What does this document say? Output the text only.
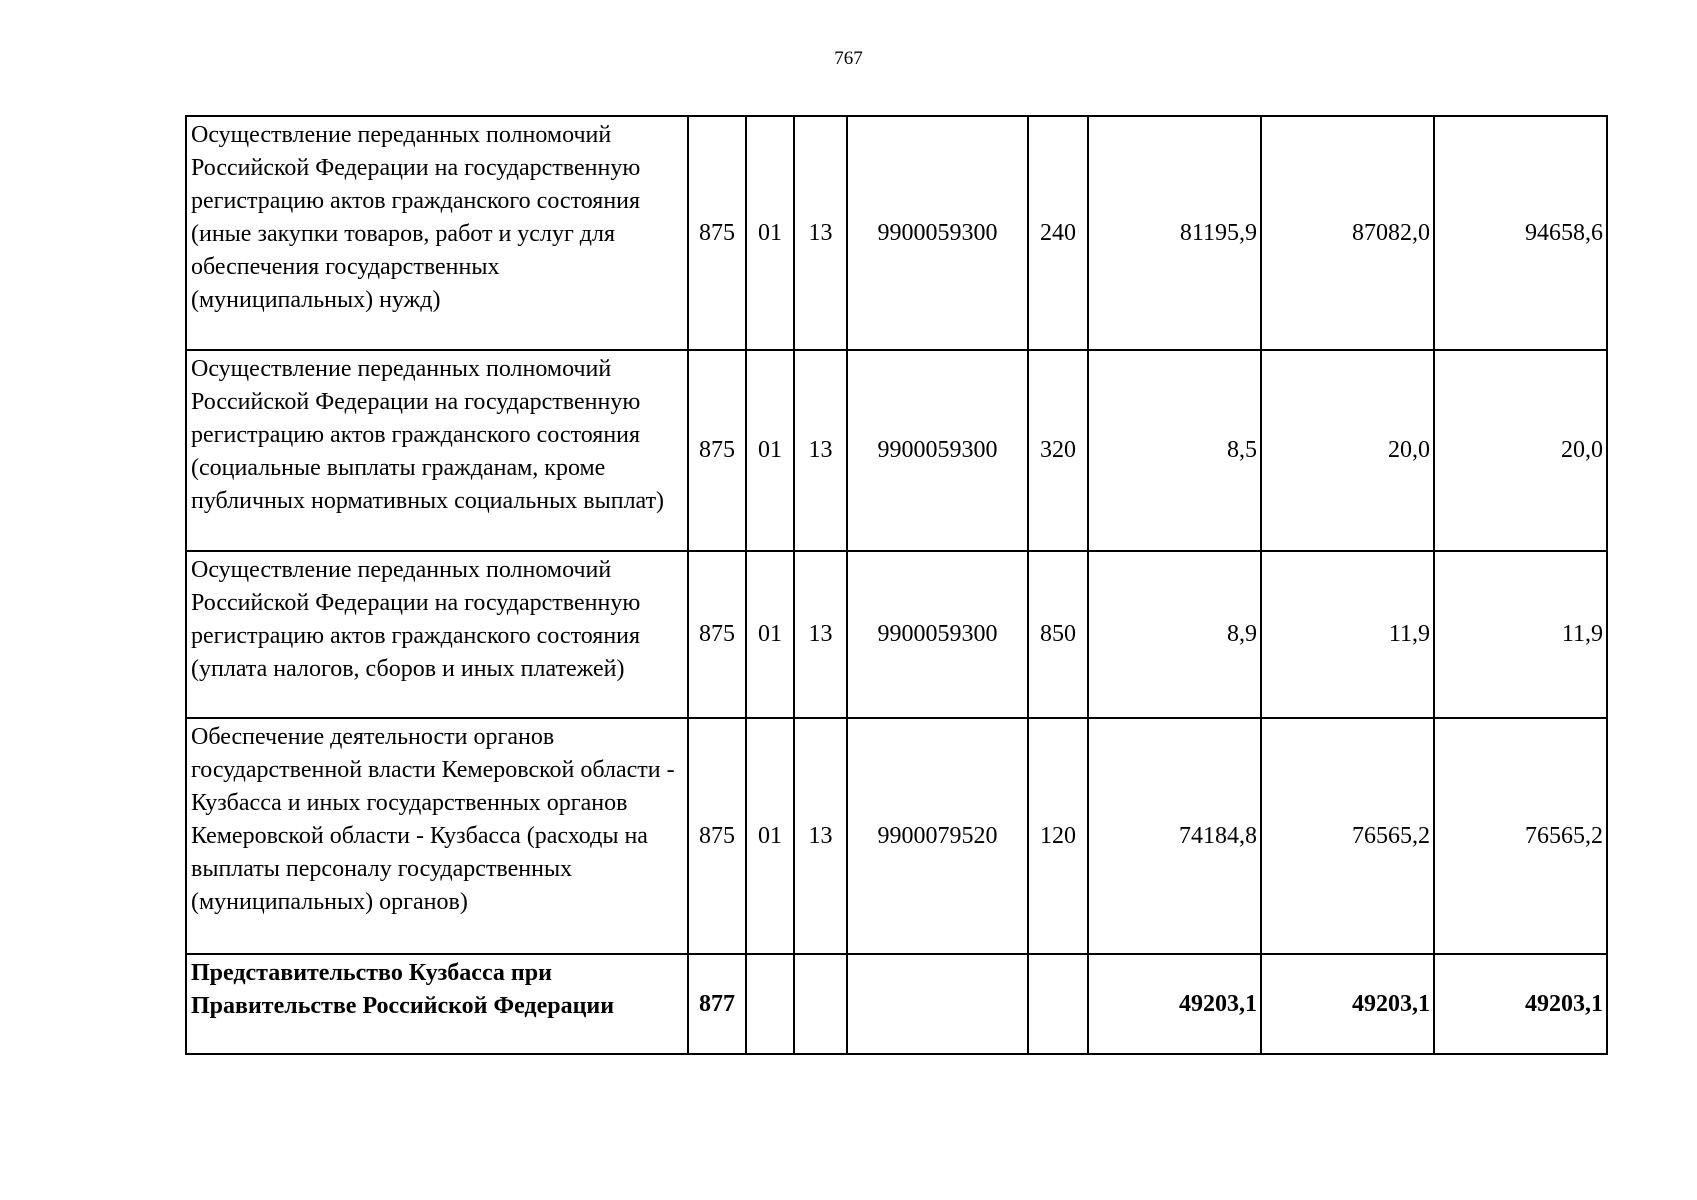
767
Осуществление переданных полномочий Российской Федерации на государственную регистрацию актов гражданского состояния (иные закупки товаров, работ и услуг для обеспечения государственных (муниципальных) нужд)	875	01	13	9900059300	240	81195,9	87082,0	94658,6
Осуществление переданных полномочий Российской Федерации на государственную регистрацию актов гражданского состояния (социальные выплаты гражданам, кроме публичных нормативных социальных выплат)	875	01	13	9900059300	320	8,5	20,0	20,0
Осуществление переданных полномочий Российской Федерации на государственную регистрацию актов гражданского состояния (уплата налогов, сборов и иных платежей)	875	01	13	9900059300	850	8,9	11,9	11,9
Обеспечение деятельности органов государственной власти Кемеровской области - Кузбасса и иных государственных органов Кемеровской области - Кузбасса (расходы на выплаты персоналу государственных (муниципальных) органов)	875	01	13	9900079520	120	74184,8	76565,2	76565,2
Представительство Кузбасса при Правительстве Российской Федерации	877					49203,1	49203,1	49203,1
